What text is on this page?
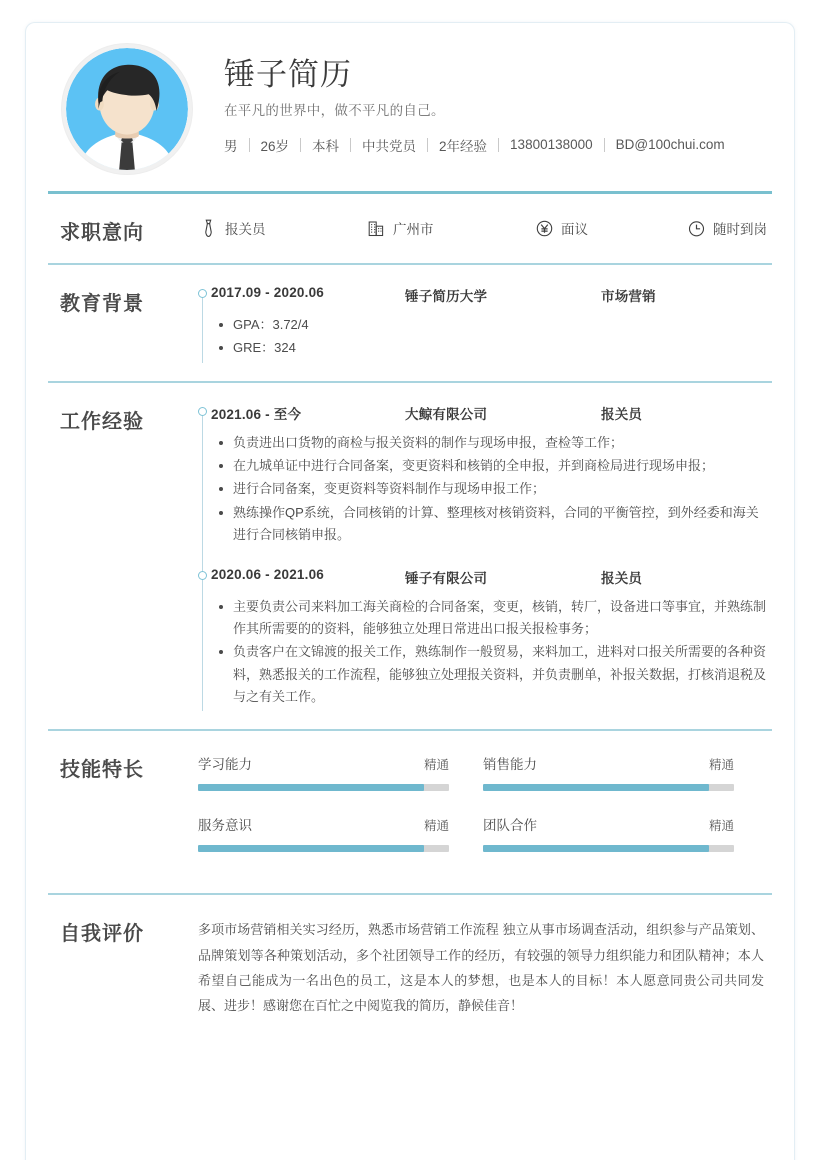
锤子简历
在平凡的世界中，做不平凡的自己。
男 26岁 本科 中共党员 2年经验 13800138000 BD@100chui.com
求职意向	报关员	广州市	面议	随时到岗
教育背景
2017.09 - 2020.06	锤子简历大学	市场营销
GPA：3.72/4
GRE：324
工作经验	2021.06 - 至今	大鲸有限公司	报关员
负责进出口货物的商检与报关资料的制作与现场申报，查检等工作；
在九城单证中进行合同备案，变更资料和核销的全申报，并到商检局进行现场申报；
进行合同备案，变更资料等资料制作与现场申报工作；
熟练操作QP系统，合同核销的计算、整理核对核销资料，合同的平衡管控，到外经委和海关进行合同核销申报。
2020.06 - 2021.06	锤子有限公司	报关员
主要负责公司来料加工海关商检的合同备案，变更，核销，转厂，设备进口等事宜，并熟练制作其所需要的的资料，能够独立处理日常进出口报关报检事务；
负责客户在文锦渡的报关工作，熟练制作一般贸易，来料加工，进料对口报关所需要的各种资料，熟悉报关的工作流程，能够独立处理报关资料，并负责删单，补报关数据，打核消退税及与之有关工作。
技能特长	学习能力	精通	销售能力	精通
服务意识	精通	团队合作	精通
自我评价	多项市场营销相关实习经历，熟悉市场营销工作流程 独立从事市场调查活动，组织参与产品策划、品牌策划等各种策划活动，多个社团领导工作的经历，有较强的领导力组织能力和团队精神；本人希望自己能成为一名出色的员工，这是本人的梦想，也是本人的目标！本人愿意同贵公司共同发展、进步！感谢您在百忙之中阅览我的简历，静候佳音！
